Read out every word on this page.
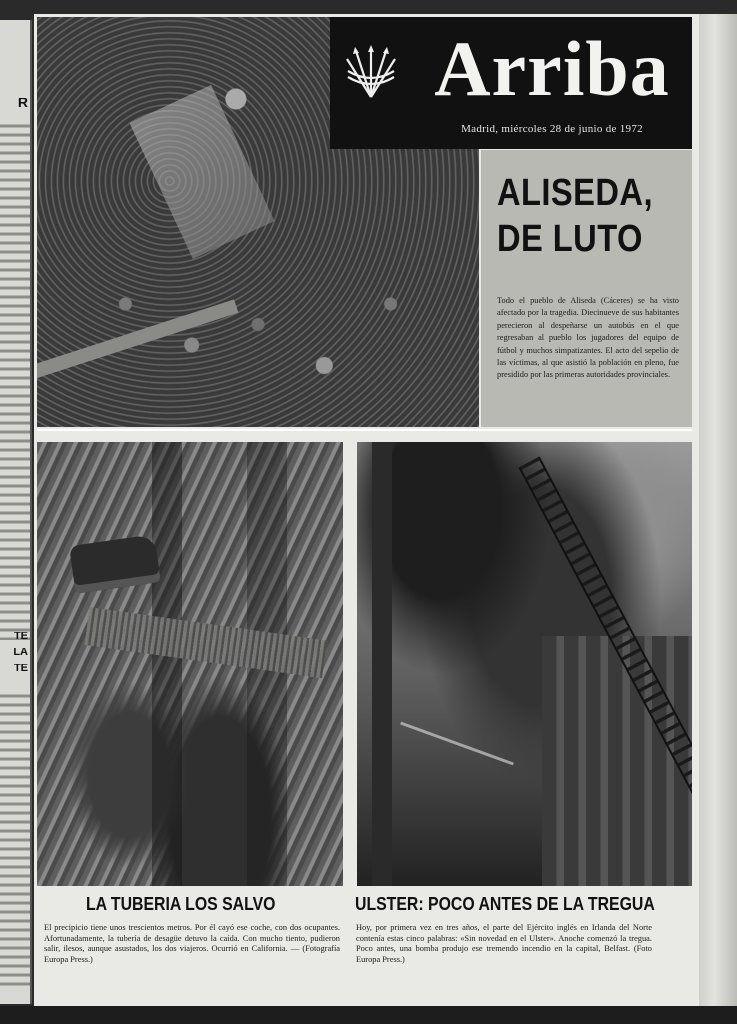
R
TE
LA
TE
Arriba
Madrid, miércoles 28 de junio de 1972
ALISEDA,
DE LUTO
Todo el pueblo de Aliseda (Cáceres) se ha visto afectado por la tragedia. Diecinueve de sus habitantes perecieron al despeñarse un autobús en el que regresaban al pueblo los jugadores del equipo de fútbol y muchos simpatizantes. El acto del sepelio de las víctimas, al que asistió la población en pleno, fue presidido por las primeras autoridades provinciales.
LA TUBERIA LOS SALVO
El precipicio tiene unos trescientos metros. Por él cayó ese coche, con dos ocupantes. Afortunadamente, la tubería de desagüe detuvo la caída. Con mucho tiento, pudieron salir, ilesos, aunque asustados, los dos viajeros. Ocurrió en California. — (Fotografía Europa Press.)
ULSTER: POCO ANTES DE LA TREGUA
Hoy, por primera vez en tres años, el parte del Ejército inglés en Irlanda del Norte contenía estas cinco palabras: «Sin novedad en el Ulster». Anoche comenzó la tregua. Poco antes, una bomba produjo ese tremendo incendio en la capital, Belfast. (Foto Europa Press.)
